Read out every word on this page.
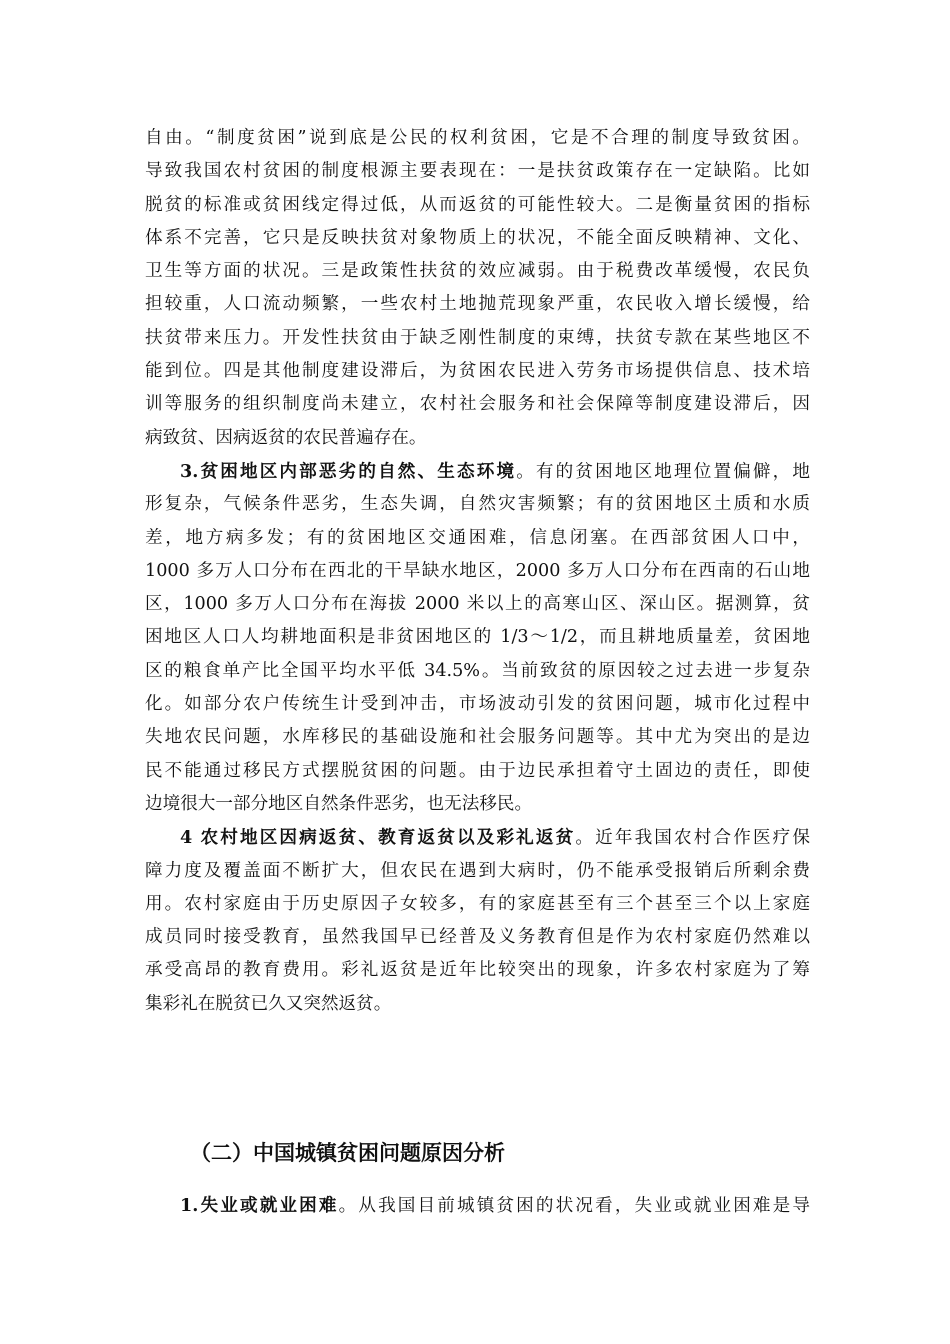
自由。“制度贫困”说到底是公民的权利贫困，它是不合理的制度导致贫困。
导致我国农村贫困的制度根源主要表现在：一是扶贫政策存在一定缺陷。比如
脱贫的标准或贫困线定得过低，从而返贫的可能性较大。二是衡量贫困的指标
体系不完善，它只是反映扶贫对象物质上的状况，不能全面反映精神、文化、
卫生等方面的状况。三是政策性扶贫的效应减弱。由于税费改革缓慢，农民负
担较重，人口流动频繁，一些农村土地抛荒现象严重，农民收入增长缓慢，给
扶贫带来压力。开发性扶贫由于缺乏刚性制度的束缚，扶贫专款在某些地区不
能到位。四是其他制度建设滞后，为贫困农民进入劳务市场提供信息、技术培
训等服务的组织制度尚未建立，农村社会服务和社会保障等制度建设滞后，因
病致贫、因病返贫的农民普遍存在。
3.贫困地区内部恶劣的自然、生态环境。有的贫困地区地理位置偏僻，地
形复杂，气候条件恶劣，生态失调，自然灾害频繁；有的贫困地区土质和水质
差，地方病多发；有的贫困地区交通困难，信息闭塞。在西部贫困人口中，
1000 多万人口分布在西北的干旱缺水地区，2000 多万人口分布在西南的石山地
区，1000 多万人口分布在海拔 2000 米以上的高寒山区、深山区。据测算，贫
困地区人口人均耕地面积是非贫困地区的 1/3～1/2，而且耕地质量差，贫困地
区的粮食单产比全国平均水平低 34.5%。当前致贫的原因较之过去进一步复杂
化。如部分农户传统生计受到冲击，市场波动引发的贫困问题，城市化过程中
失地农民问题，水库移民的基础设施和社会服务问题等。其中尤为突出的是边
民不能通过移民方式摆脱贫困的问题。由于边民承担着守土固边的责任，即使
边境很大一部分地区自然条件恶劣，也无法移民。
4 农村地区因病返贫、教育返贫以及彩礼返贫。近年我国农村合作医疗保
障力度及覆盖面不断扩大，但农民在遇到大病时，仍不能承受报销后所剩余费
用。农村家庭由于历史原因子女较多，有的家庭甚至有三个甚至三个以上家庭
成员同时接受教育，虽然我国早已经普及义务教育但是作为农村家庭仍然难以
承受高昂的教育费用。彩礼返贫是近年比较突出的现象，许多农村家庭为了筹
集彩礼在脱贫已久又突然返贫。
（二）中国城镇贫困问题原因分析
1.失业或就业困难。从我国目前城镇贫困的状况看，失业或就业困难是导
